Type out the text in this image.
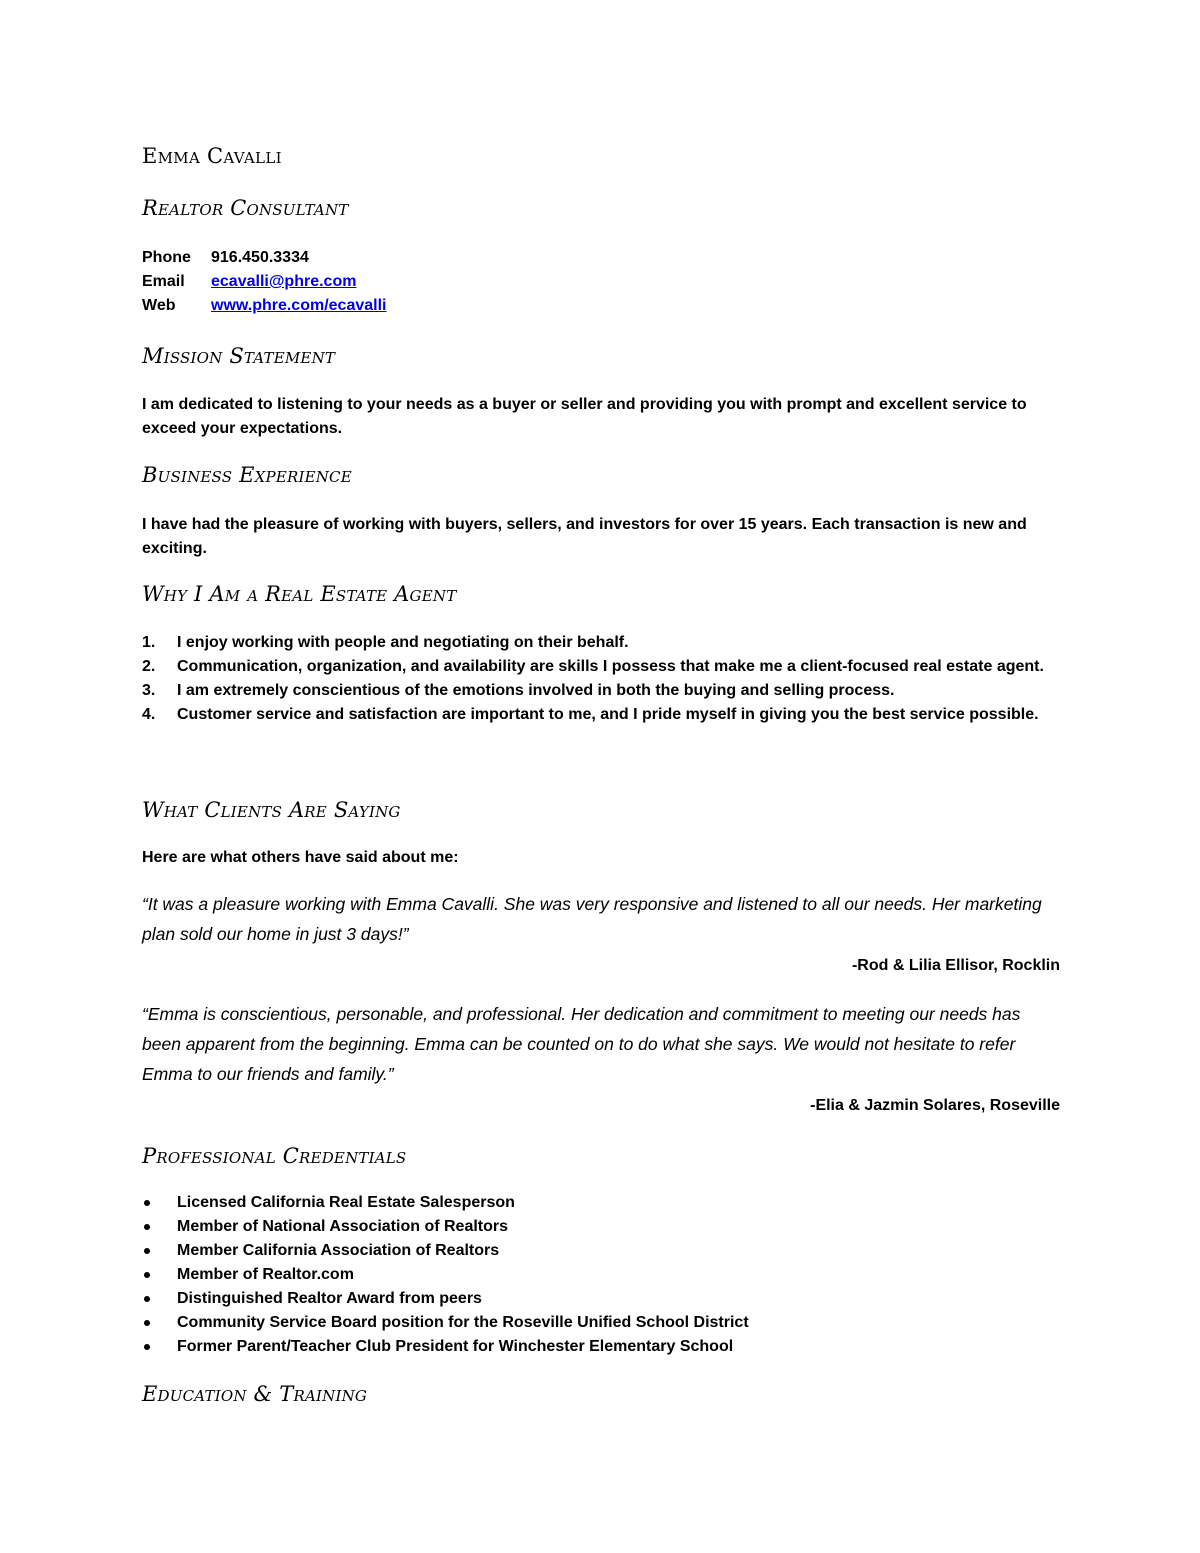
Emma Cavalli
Realtor Consultant
Phone	916.450.3334
Email	ecavalli@phre.com
Web	www.phre.com/ecavalli
Mission Statement
I am dedicated to listening to your needs as a buyer or seller and providing you with prompt and excellent service to exceed your expectations.
Business Experience
I have had the pleasure of working with buyers, sellers, and investors for over 15 years. Each transaction is new and exciting.
Why I Am a Real Estate Agent
1. I enjoy working with people and negotiating on their behalf.
2. Communication, organization, and availability are skills I possess that make me a client-focused real estate agent.
3. I am extremely conscientious of the emotions involved in both the buying and selling process.
4. Customer service and satisfaction are important to me, and I pride myself in giving you the best service possible.
What Clients Are Saying
Here are what others have said about me:
“It was a pleasure working with Emma Cavalli. She was very responsive and listened to all our needs. Her marketing plan sold our home in just 3 days!”
-Rod & Lilia Ellisor, Rocklin
“Emma is conscientious, personable, and professional. Her dedication and commitment to meeting our needs has been apparent from the beginning. Emma can be counted on to do what she says. We would not hesitate to refer Emma to our friends and family.”
-Elia & Jazmin Solares, Roseville
Professional Credentials
Licensed California Real Estate Salesperson
Member of National Association of Realtors
Member California Association of Realtors
Member of Realtor.com
Distinguished Realtor Award from peers
Community Service Board position for the Roseville Unified School District
Former Parent/Teacher Club President for Winchester Elementary School
Education & Training
